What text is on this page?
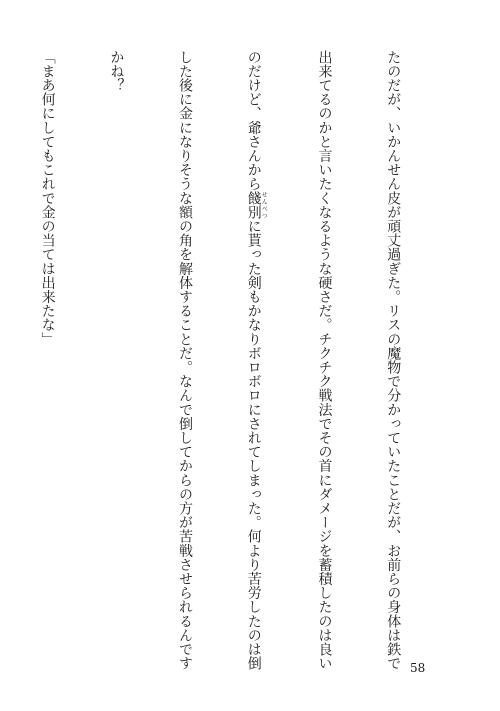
たのだが、いかんせん皮が頑丈過ぎた。リスの魔物で分かっていたことだが、お前らの身体は鉄で

出来てるのかと言いたくなるような硬さだ。チクチク戦法でその首にダメージを蓄積したのは良い

のだけど、爺さんから餞別せんべつに貰った剣もかなりボロボロにされてしまった。何より苦労したのは倒

した後に金になりそうな額の角を解体することだ。なんで倒してからの方が苦戦させられるんです

かね？

「まあ何にしてもこれで金の当ては出来たな」

58
